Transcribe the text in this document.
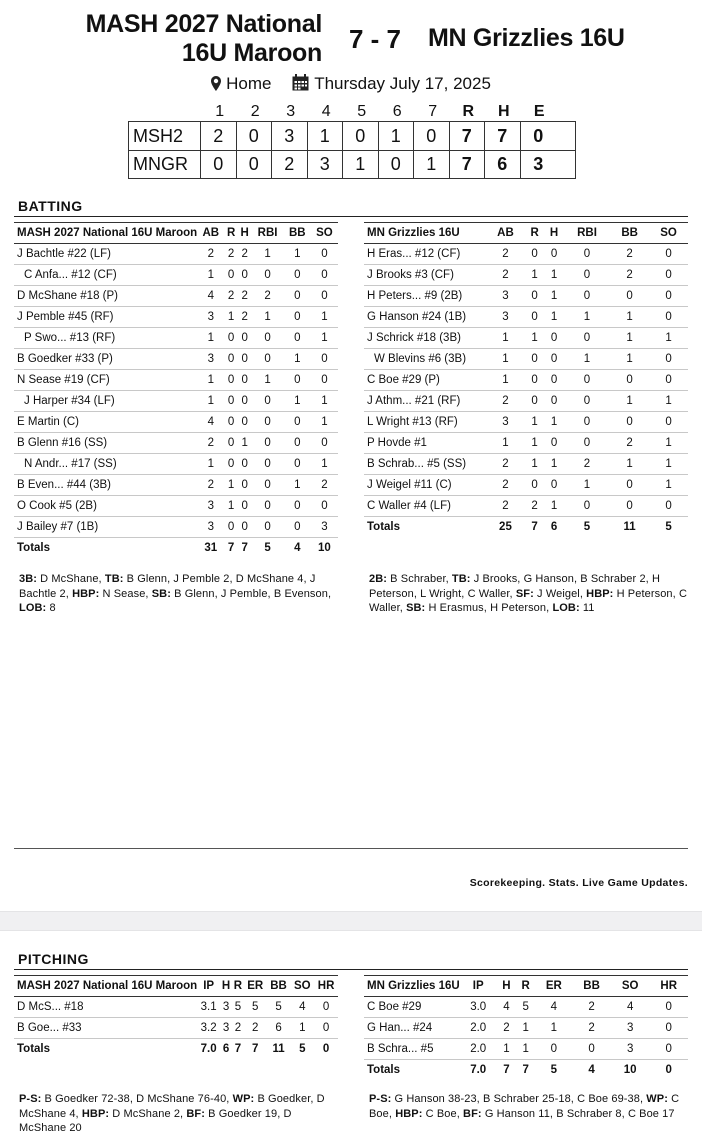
MASH 2027 National
16U Maroon	7 - 7	MN Grizzlies 16U
Home	Thursday July 17, 2025
1	2	3	4	5	6	7	R	H	E
MSH2	2	0	3	1	0	1	0	7	7	0
MNGR	0	0	2	3	1	0	1	7	6	3
BATTING
MASH 2027 National 16U Maroon	AB	R	H	RBI	BB	SO
J Bachtle #22 (LF)	2	2	2	1	1	0
C Anfa... #12 (CF)	1	0	0	0	0	0
D McShane #18 (P)	4	2	2	2	0	0
J Pemble #45 (RF)	3	1	2	1	0	1
P Swo... #13 (RF)	1	0	0	0	0	1
B Goedker #33 (P)	3	0	0	0	1	0
N Sease #19 (CF)	1	0	0	1	0	0
J Harper #34 (LF)	1	0	0	0	1	1
E Martin (C)	4	0	0	0	0	1
B Glenn #16 (SS)	2	0	1	0	0	0
N Andr... #17 (SS)	1	0	0	0	0	1
B Even... #44 (3B)	2	1	0	0	1	2
O Cook #5 (2B)	3	1	0	0	0	0
J Bailey #7 (1B)	3	0	0	0	0	3
Totals	31	7	7	5	4	10
MN Grizzlies 16U	AB	R	H	RBI	BB	SO
H Eras... #12 (CF)	2	0	0	0	2	0
J Brooks #3 (CF)	2	1	1	0	2	0
H Peters... #9 (2B)	3	0	1	0	0	0
G Hanson #24 (1B)	3	0	1	1	1	0
J Schrick #18 (3B)	1	1	0	0	1	1
W Blevins #6 (3B)	1	0	0	1	1	0
C Boe #29 (P)	1	0	0	0	0	0
J Athm... #21 (RF)	2	0	0	0	1	1
L Wright #13 (RF)	3	1	1	0	0	0
P Hovde #1	1	1	0	0	2	1
B Schrab... #5 (SS)	2	1	1	2	1	1
J Weigel #11 (C)	2	0	0	1	0	1
C Waller #4 (LF)	2	2	1	0	0	0
Totals	25	7	6	5	11	5
3B: D McShane, TB: B Glenn, J Pemble 2, D McShane 4, J Bachtle 2, HBP: N Sease, SB: B Glenn, J Pemble, B Evenson, LOB: 8
2B: B Schraber, TB: J Brooks, G Hanson, B Schraber 2, H Peterson, L Wright, C Waller, SF: J Weigel, HBP: H Peterson, C Waller, SB: H Erasmus, H Peterson, LOB: 11
Scorekeeping. Stats. Live Game Updates.
PITCHING
MASH 2027 National 16U Maroon	IP	H	R	ER	BB	SO	HR
D McS... #18	3.1	3	5	5	5	4	0
B Goe... #33	3.2	3	2	2	6	1	0
Totals	7.0	6	7	7	11	5	0
MN Grizzlies 16U	IP	H	R	ER	BB	SO	HR
C Boe #29	3.0	4	5	4	2	4	0
G Han... #24	2.0	2	1	1	2	3	0
B Schra... #5	2.0	1	1	0	0	3	0
Totals	7.0	7	7	5	4	10	0
P-S: B Goedker 72-38, D McShane 76-40, WP: B Goedker, D McShane 4, HBP: D McShane 2, BF: B Goedker 19, D McShane 20
P-S: G Hanson 38-23, B Schraber 25-18, C Boe 69-38, WP: C Boe, HBP: C Boe, BF: G Hanson 11, B Schraber 8, C Boe 17
